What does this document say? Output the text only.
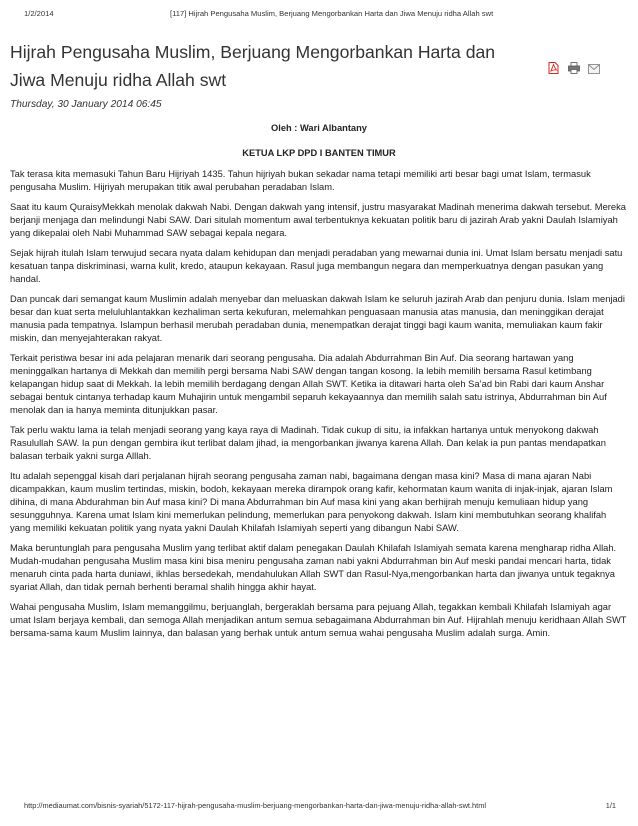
1/2/2014	[117] Hijrah Pengusaha Muslim, Berjuang Mengorbankan Harta dan Jiwa Menuju ridha Allah swt
Hijrah Pengusaha Muslim, Berjuang Mengorbankan Harta dan Jiwa Menuju ridha Allah swt
Thursday, 30 January 2014 06:45
Oleh : Wari Albantany
KETUA LKP DPD I BANTEN TIMUR

Tak terasa kita memasuki Tahun Baru Hijriyah 1435. Tahun hijriyah bukan sekadar nama tetapi memiliki arti besar bagi umat Islam, termasuk pengusaha Muslim. Hijriyah merupakan titik awal perubahan peradaban Islam.

Saat itu kaum QuraisyMekkah menolak dakwah Nabi. Dengan dakwah yang intensif, justru masyarakat Madinah menerima dakwah tersebut. Mereka berjanji menjaga dan melindungi Nabi SAW. Dari situlah momentum awal terbentuknya kekuatan politik baru di jazirah Arab yakni Daulah Islamiyah yang dikepalai oleh Nabi Muhammad SAW sebagai kepala negara.

Sejak hijrah itulah Islam terwujud secara nyata dalam kehidupan dan menjadi peradaban yang mewarnai dunia ini. Umat Islam bersatu menjadi satu kesatuan tanpa diskriminasi, warna kulit, kredo, ataupun kekayaan. Rasul juga membangun negara dan memperkuatnya dengan pasukan yang handal.

Dan puncak dari semangat kaum Muslimin adalah menyebar dan meluaskan dakwah Islam ke seluruh jazirah Arab dan penjuru dunia. Islam menjadi besar dan kuat serta meluluhlantakkan kezhaliman serta kekufuran, melemahkan penguasaan manusia atas manusia, dan meninggikan derajat manusia pada tempatnya. Islampun berhasil merubah peradaban dunia, menempatkan derajat tinggi bagi kaum wanita, memuliakan kaum fakir miskin, dan menyejahterakan rakyat.

Terkait peristiwa besar ini ada pelajaran menarik dari seorang pengusaha. Dia adalah Abdurrahman Bin Auf. Dia seorang hartawan yang meninggalkan hartanya di Mekkah dan memilih pergi bersama Nabi SAW dengan tangan kosong. Ia lebih memilih bersama Rasul ketimbang kelapangan hidup saat di Mekkah. Ia lebih memilih berdagang dengan Allah SWT. Ketika ia ditawari harta oleh Sa’ad bin Rabi dari kaum Anshar sebagai bentuk cintanya terhadap kaum Muhajirin untuk mengambil separuh kekayaannya dan memilih salah satu istrinya, Abdurrahman bin Auf menolak dan ia hanya meminta ditunjukkan pasar.

Tak perlu waktu lama ia telah menjadi seorang yang kaya raya di Madinah. Tidak cukup di situ, ia infakkan hartanya untuk menyokong dakwah Rasulullah SAW. Ia pun dengan gembira ikut terlibat dalam jihad, ia mengorbankan jiwanya karena Allah. Dan kelak ia pun pantas mendapatkan balasan terbaik yakni surga Alllah.

Itu adalah sepenggal kisah dari perjalanan hijrah seorang pengusaha zaman nabi, bagaimana dengan masa kini? Masa di mana ajaran Nabi dicampakkan, kaum muslim tertindas, miskin, bodoh, kekayaan mereka dirampok orang kafir, kehormatan kaum wanita di injak-injak, ajaran Islam dihina, di mana Abdurahman bin Auf masa kini? Di mana Abdurrahman bin Auf masa kini yang akan berhijrah menuju kemuliaan hidup yang sesungguhnya. Karena umat Islam kini memerlukan pelindung, memerlukan para penyokong dakwah. Islam kini membutuhkan seorang khalifah yang memiliki kekuatan politik yang nyata yakni Daulah Khilafah Islamiyah seperti yang dibangun Nabi SAW.

Maka beruntunglah para pengusaha Muslim yang terlibat aktif dalam penegakan Daulah Khilafah Islamiyah semata karena mengharap ridha Allah. Mudah-mudahan pengusaha Muslim masa kini bisa meniru pengusaha zaman nabi yakni Abdurrahman bin Auf meski pandai mencari harta, tidak menaruh cinta pada harta duniawi, ikhlas bersedekah, mendahulukan Allah SWT dan Rasul-Nya,mengorbankan harta dan jiwanya untuk tegaknya syariat Allah, dan tidak pernah berhenti beramal shalih hingga akhir hayat.

Wahai pengusaha Muslim, Islam memanggilmu, berjuanglah, bergeraklah bersama para pejuang Allah, tegakkan kembali Khilafah Islamiyah agar umat Islam berjaya kembali, dan semoga Allah menjadikan antum semua sebagaimana Abdurrahman bin Auf. Hijrahlah menuju keridhaan Allah SWT bersama-sama kaum Muslim lainnya, dan balasan yang berhak untuk antum semua wahai pengusaha Muslim adalah surga. Amin.

http://mediaumat.com/bisnis-syariah/5172-117-hijrah-pengusaha-muslim-berjuang-mengorbankan-harta-dan-jiwa-menuju-ridha-allah-swt.html	1/1
